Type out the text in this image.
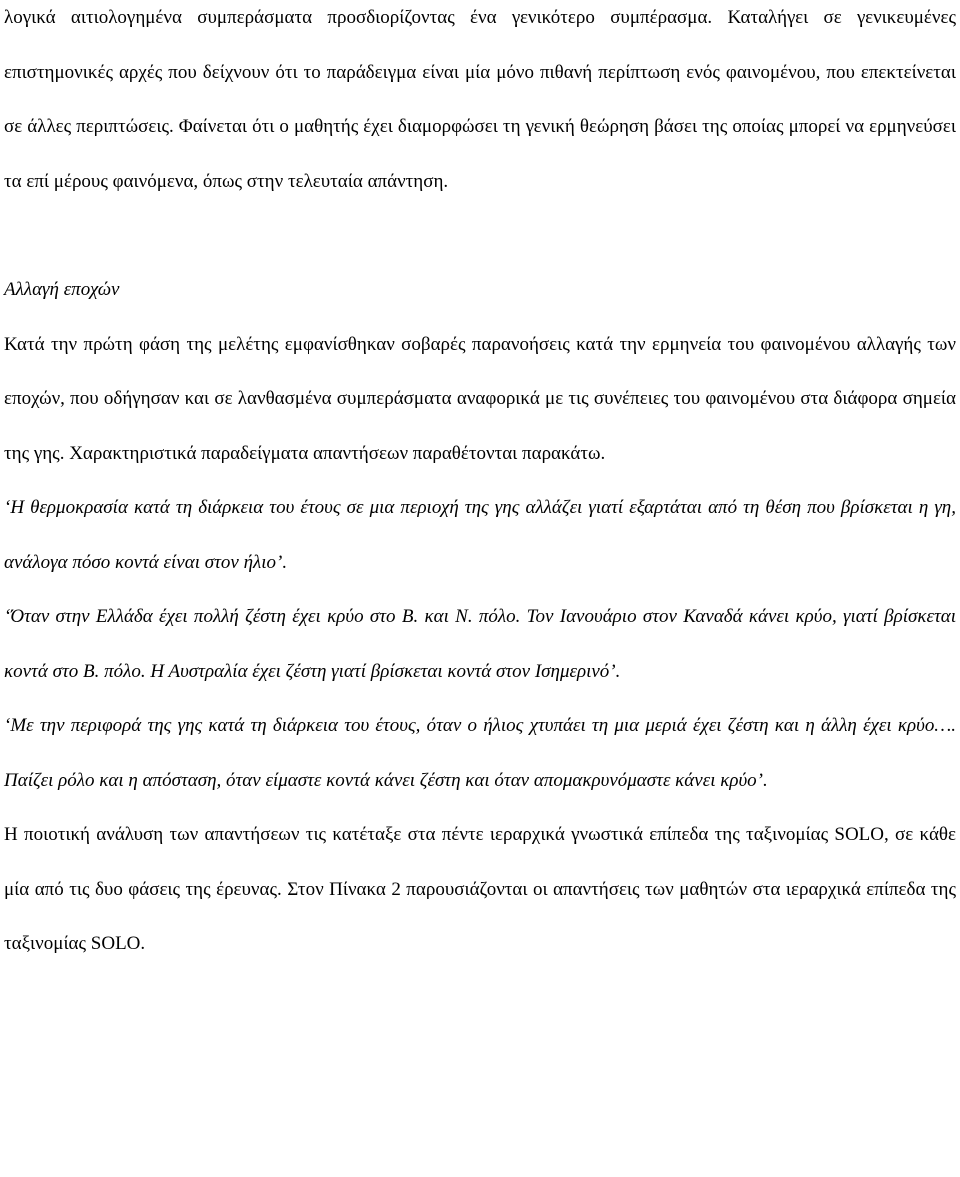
λογικά αιτιολογημένα συμπεράσματα προσδιορίζοντας ένα γενικότερο συμπέρασμα. Καταλήγει σε γενικευμένες επιστημονικές αρχές που δείχνουν ότι το παράδειγμα είναι μία μόνο πιθανή περίπτωση ενός φαινομένου, που επεκτείνεται σε άλλες περιπτώσεις. Φαίνεται ότι ο μαθητής έχει διαμορφώσει τη γενική θεώρηση βάσει της οποίας μπορεί να ερμηνεύσει τα επί μέρους φαινόμενα, όπως στην τελευταία απάντηση.

Αλλαγή εποχών

Κατά την πρώτη φάση της μελέτης εμφανίσθηκαν σοβαρές παρανοήσεις κατά την ερμηνεία του φαινομένου αλλαγής των εποχών, που οδήγησαν και σε λανθασμένα συμπεράσματα αναφορικά με τις συνέπειες του φαινομένου στα διάφορα σημεία της γης. Χαρακτηριστικά παραδείγματα απαντήσεων παραθέτονται παρακάτω.

‘Η θερμοκρασία κατά τη διάρκεια του έτους σε μια περιοχή της γης αλλάζει γιατί εξαρτάται από τη θέση που βρίσκεται η γη, ανάλογα πόσο κοντά είναι στον ήλιο’.

‘Όταν στην Ελλάδα έχει πολλή ζέστη έχει κρύο στο Β. και Ν. πόλο. Τον Ιανουάριο στον Καναδά κάνει κρύο, γιατί βρίσκεται κοντά στο Β. πόλο. Η Αυστραλία έχει ζέστη γιατί βρίσκεται κοντά στον Ισημερινό’.

‘Με την περιφορά της γης κατά τη διάρκεια του έτους, όταν ο ήλιος χτυπάει τη μια μεριά έχει ζέστη και η άλλη έχει κρύο…. Παίζει ρόλο και η απόσταση, όταν είμαστε κοντά κάνει ζέστη και όταν απομακρυνόμαστε κάνει κρύο’.

Η ποιοτική ανάλυση των απαντήσεων τις κατέταξε στα πέντε ιεραρχικά γνωστικά επίπεδα της ταξινομίας SOLO, σε κάθε μία από τις δυο φάσεις της έρευνας. Στον Πίνακα 2 παρουσιάζονται οι απαντήσεις των μαθητών στα ιεραρχικά επίπεδα της ταξινομίας SOLO.
